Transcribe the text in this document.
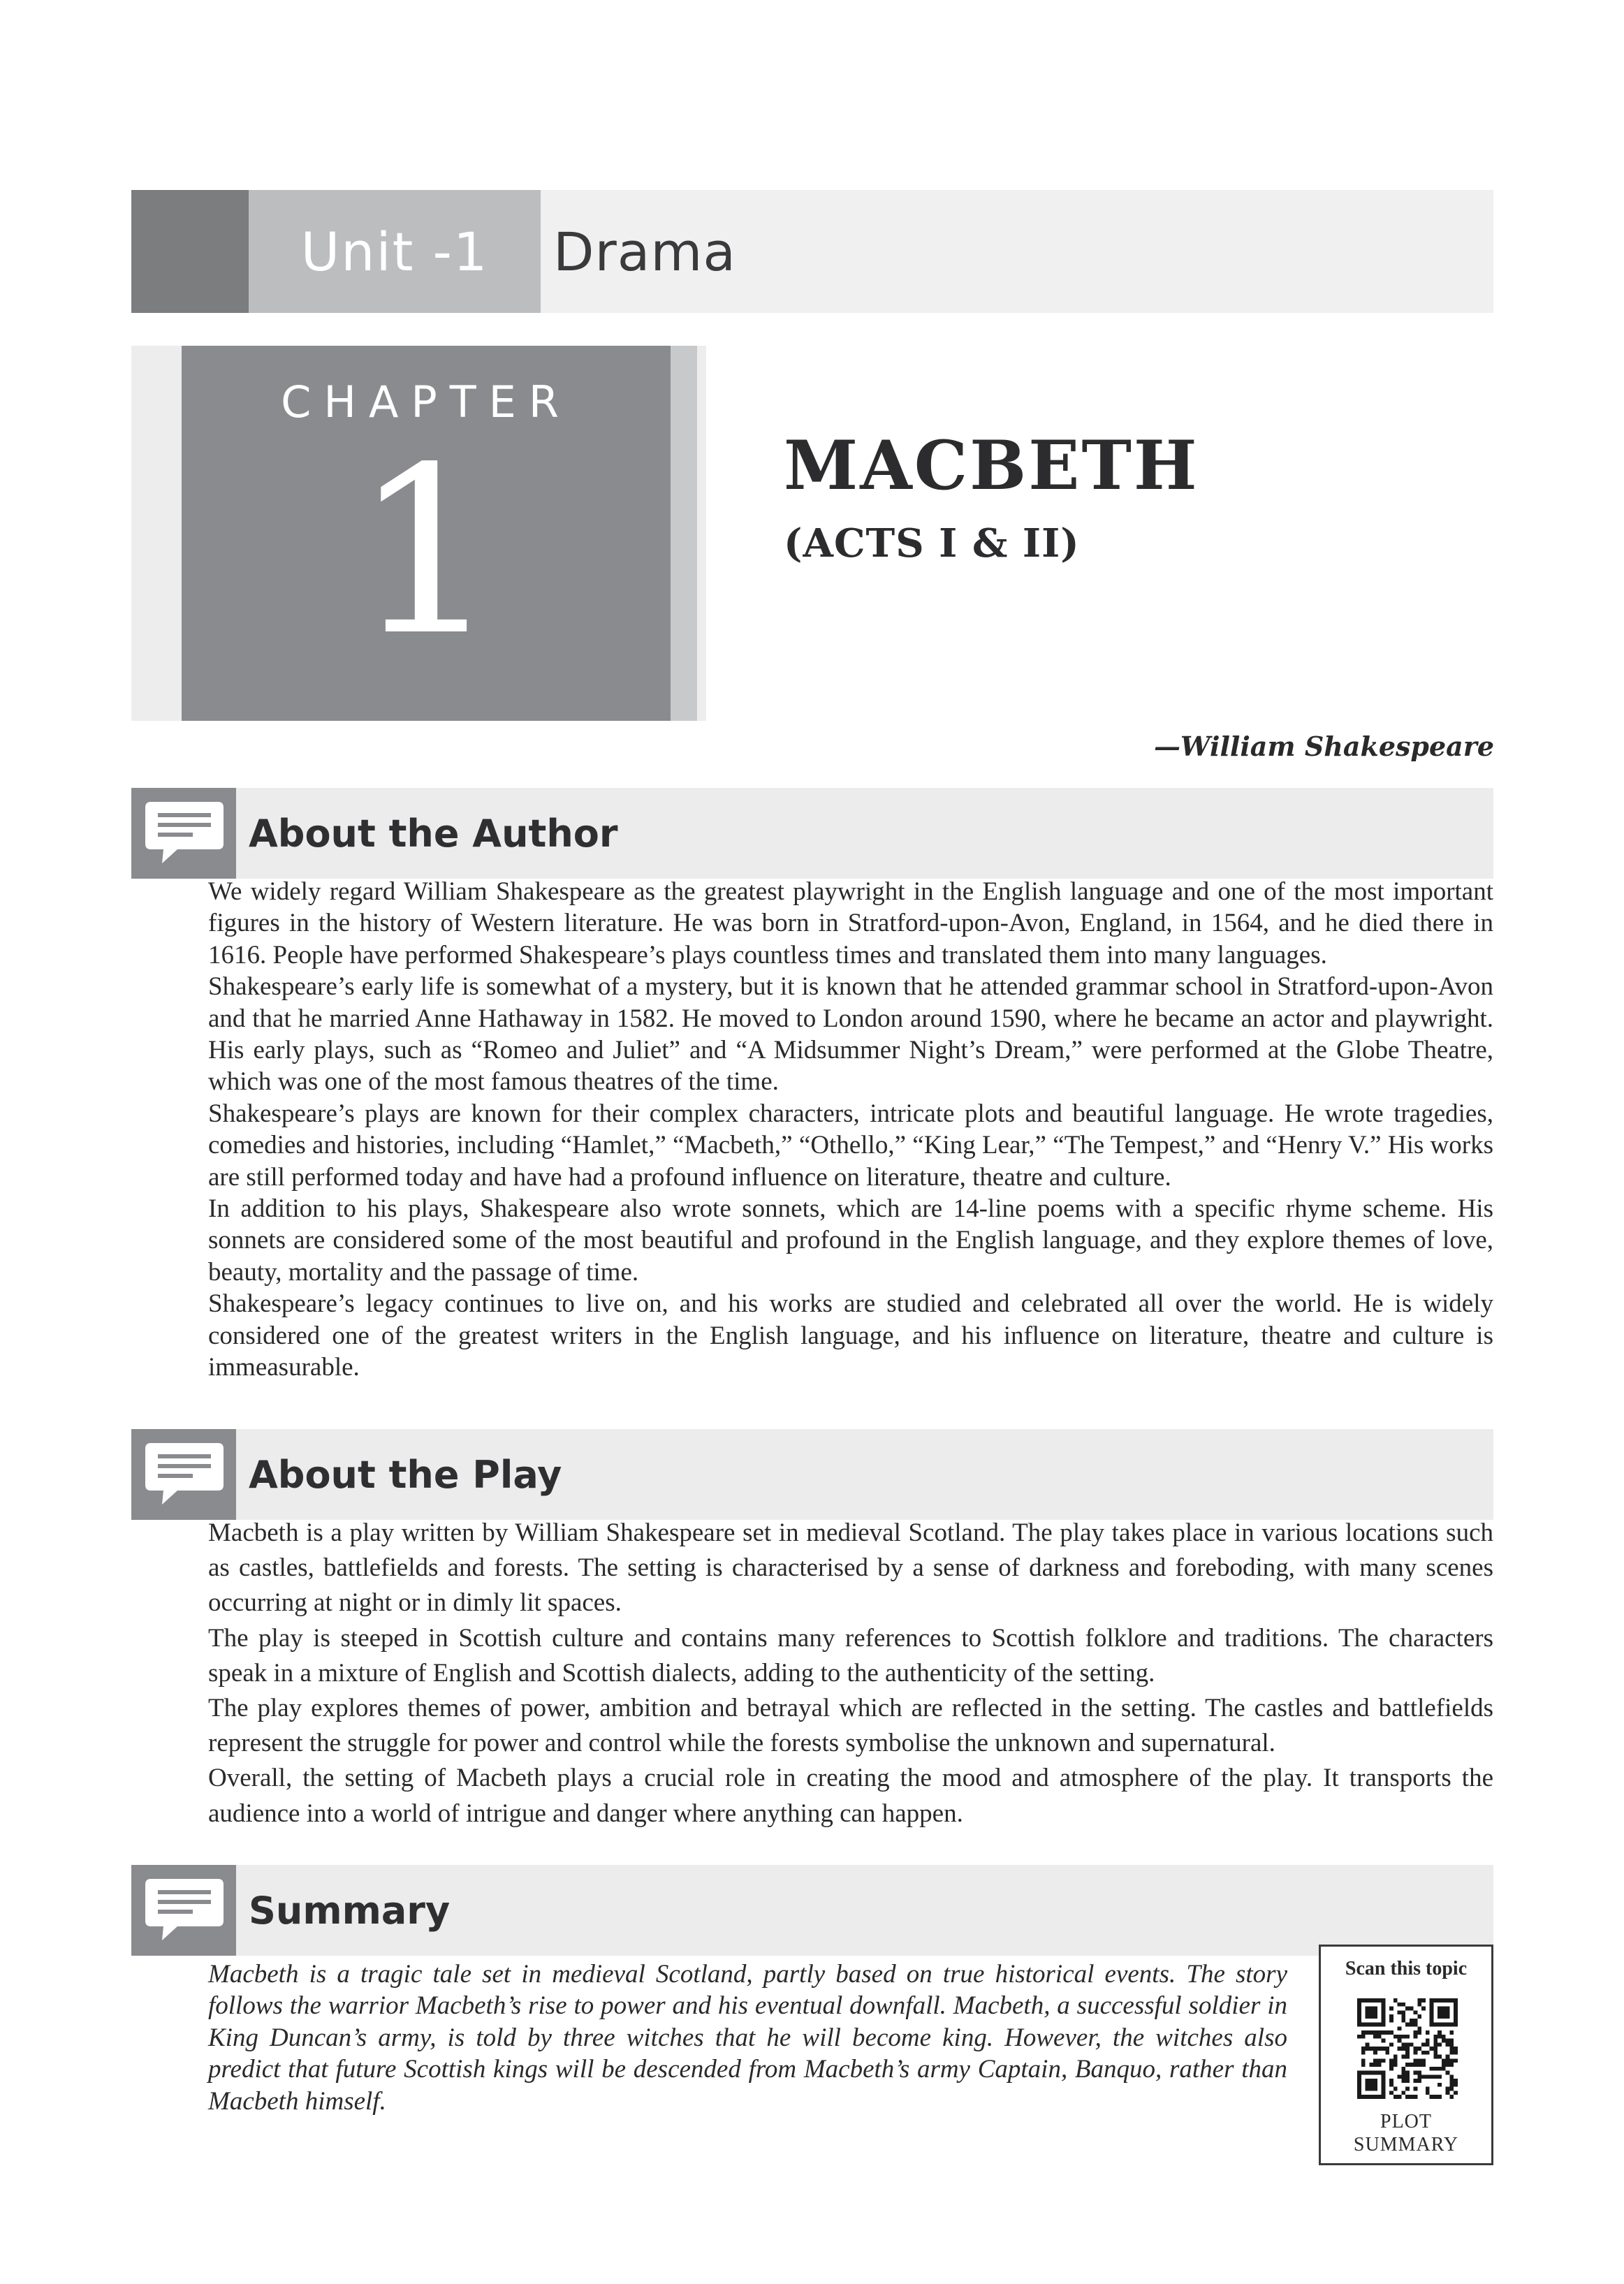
Unit -1 Drama
CHAPTER
1	MACBETH
(ACTS I & II)
—William Shakespeare
About the Author

We widely regard William Shakespeare as the greatest playwright in the English language and one of the most important figures in the history of Western literature. He was born in Stratford-upon-Avon, England, in 1564, and he died there in 1616. People have performed Shakespeare’s plays countless times and translated them into many languages.

Shakespeare’s early life is somewhat of a mystery, but it is known that he attended grammar school in Stratford-upon-Avon and that he married Anne Hathaway in 1582. He moved to London around 1590, where he became an actor and playwright. His early plays, such as “Romeo and Juliet” and “A Midsummer Night’s Dream,” were performed at the Globe Theatre, which was one of the most famous theatres of the time.

Shakespeare’s plays are known for their complex characters, intricate plots and beautiful language. He wrote tragedies, comedies and histories, including “Hamlet,” “Macbeth,” “Othello,” “King Lear,” “The Tempest,” and “Henry V.” His works are still performed today and have had a profound influence on literature, theatre and culture.

In addition to his plays, Shakespeare also wrote sonnets, which are 14-line poems with a specific rhyme scheme. His sonnets are considered some of the most beautiful and profound in the English language, and they explore themes of love, beauty, mortality and the passage of time.

Shakespeare’s legacy continues to live on, and his works are studied and celebrated all over the world. He is widely considered one of the greatest writers in the English language, and his influence on literature, theatre and culture is immeasurable.

About the Play

Macbeth is a play written by William Shakespeare set in medieval Scotland. The play takes place in various locations such as castles, battlefields and forests. The setting is characterised by a sense of darkness and foreboding, with many scenes occurring at night or in dimly lit spaces.

The play is steeped in Scottish culture and contains many references to Scottish folklore and traditions. The characters speak in a mixture of English and Scottish dialects, adding to the authenticity of the setting.

The play explores themes of power, ambition and betrayal which are reflected in the setting. The castles and battlefields represent the struggle for power and control while the forests symbolise the unknown and supernatural.

Overall, the setting of Macbeth plays a crucial role in creating the mood and atmosphere of the play. It transports the audience into a world of intrigue and danger where anything can happen.

Summary
Macbeth is a tragic tale set in medieval Scotland, partly based on true historical events. The story follows the warrior Macbeth’s rise to power and his eventual downfall. Macbeth, a successful soldier in King Duncan’s army, is told by three witches that he will become king. However, the witches also predict that future Scottish kings will be descended from Macbeth’s army Captain, Banquo, rather than Macbeth himself.
Scan this topic
PLOT
SUMMARY
